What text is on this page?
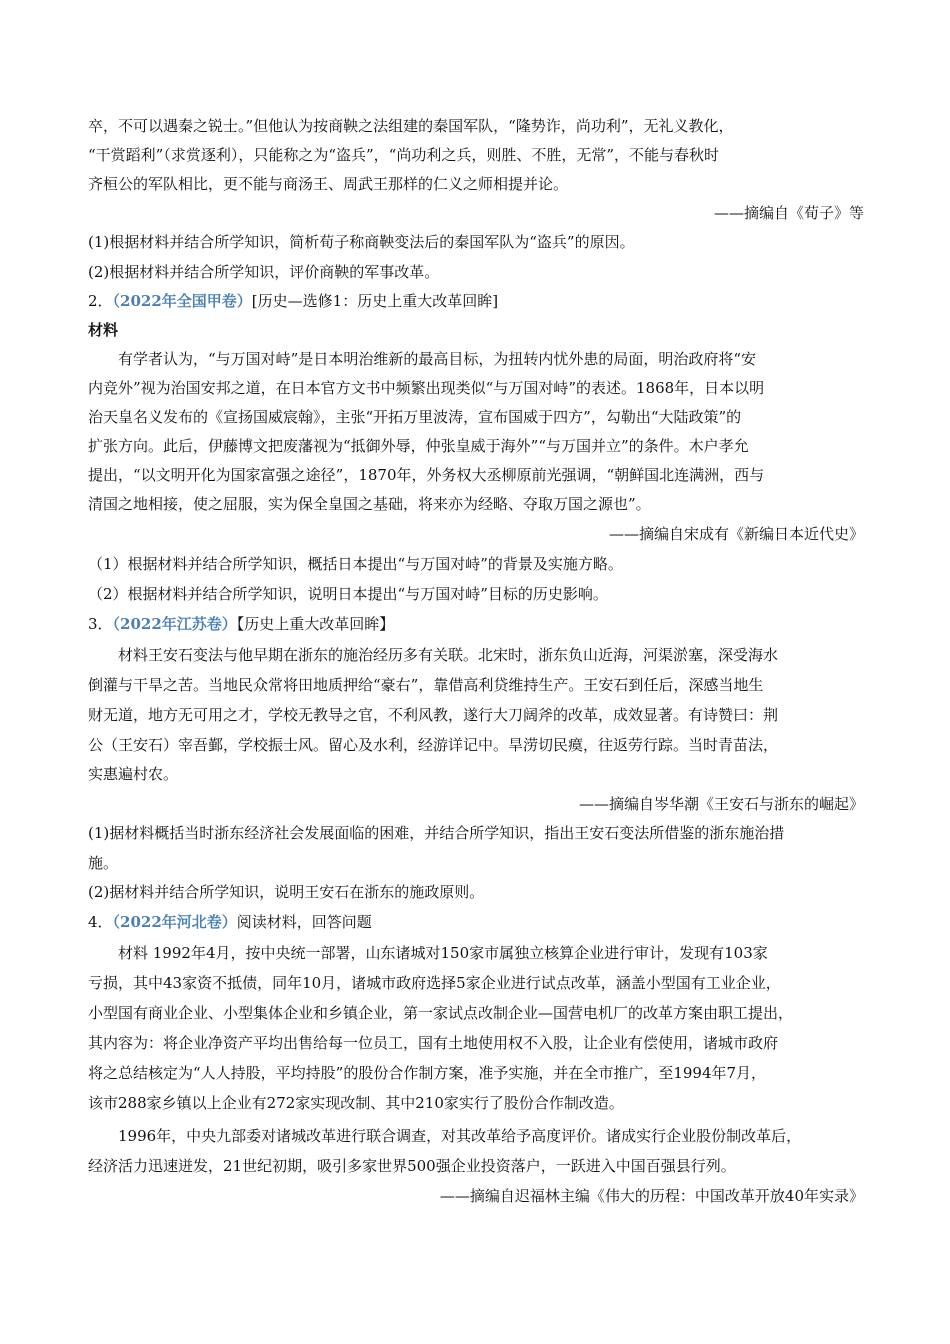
卒，不可以遇秦之锐士。”但他认为按商鞅之法组建的秦国军队，“隆势诈，尚功利”，无礼义教化，
“干赏蹈利”（求赏逐利），只能称之为“盗兵”，“尚功利之兵，则胜、不胜，无常”，不能与春秋时
齐桓公的军队相比，更不能与商汤王、周武王那样的仁义之师相提并论。
——摘编自《荀子》等
(1)根据材料并结合所学知识，简析荀子称商鞅变法后的秦国军队为“盗兵”的原因。
(2)根据材料并结合所学知识，评价商鞅的军事改革。
2．（2022年全国甲卷）[历史—选修1：历史上重大改革回眸]
材料
有学者认为，“与万国对峙”是日本明治维新的最高目标，为扭转内忧外患的局面，明治政府将“安
内竞外”视为治国安邦之道，在日本官方文书中频繁出现类似“与万国对峙”的表述。1868年，日本以明
治天皇名义发布的《宣扬国威宸翰》，主张“开拓万里波涛，宣布国威于四方”，勾勒出“大陆政策”的
扩张方向。此后，伊藤博文把废藩视为“抵御外辱，仲张皇威于海外”“与万国并立”的条件。木户孝允
提出，“以文明开化为国家富强之途径”，1870年，外务权大丞柳原前光强调，“朝鲜国北连满洲，西与
清国之地相接，使之屈服，实为保全皇国之基础，将来亦为经略、夺取万国之源也”。
——摘编自宋成有《新编日本近代史》
（1）根据材料并结合所学知识，概括日本提出“与万国对峙”的背景及实施方略。
（2）根据材料并结合所学知识，说明日本提出“与万国对峙”目标的历史影响。
3．（2022年江苏卷）【历史上重大改革回眸】
材料王安石变法与他早期在浙东的施治经历多有关联。北宋时，浙东负山近海，河渠淤塞，深受海水
倒灌与干旱之苦。当地民众常将田地质押给“豪右”，靠借高利贷维持生产。王安石到任后，深感当地生
财无道，地方无可用之才，学校无教导之官，不利风教，遂行大刀阔斧的改革，成效显著。有诗赞曰：荆
公（王安石）宰吾鄞，学校振士风。留心及水利，经游详记中。旱涝切民瘼，往返劳行踪。当时青苗法，
实惠遍村农。
——摘编自岑华潮《王安石与浙东的崛起》
(1)据材料概括当时浙东经济社会发展面临的困难，并结合所学知识，指出王安石变法所借鉴的浙东施治措
施。
(2)据材料并结合所学知识，说明王安石在浙东的施政原则。
4．（2022年河北卷）阅读材料，回答问题
材料 1992年4月，按中央统一部署，山东诸城对150家市属独立核算企业进行审计，发现有103家
亏损，其中43家资不抵债，同年10月，诸城市政府选择5家企业进行试点改革，涵盖小型国有工业企业，
小型国有商业企业、小型集体企业和乡镇企业，第一家试点改制企业—国营电机厂的改革方案由职工提出，
其内容为：将企业净资产平均出售给每一位员工，国有土地使用权不入股，让企业有偿使用，诸城市政府
将之总结核定为“人人持股，平均持股”的股份合作制方案，准予实施，并在全市推广，至1994年7月，
该市288家乡镇以上企业有272家实现改制、其中210家实行了股份合作制改造。
1996年，中央九部委对诸城改革进行联合调查，对其改革给予高度评价。诸成实行企业股份制改革后，
经济活力迅速迸发，21世纪初期，吸引多家世界500强企业投资落户，一跃进入中国百强县行列。
——摘编自迟福林主编《伟大的历程：中国改革开放40年实录》
